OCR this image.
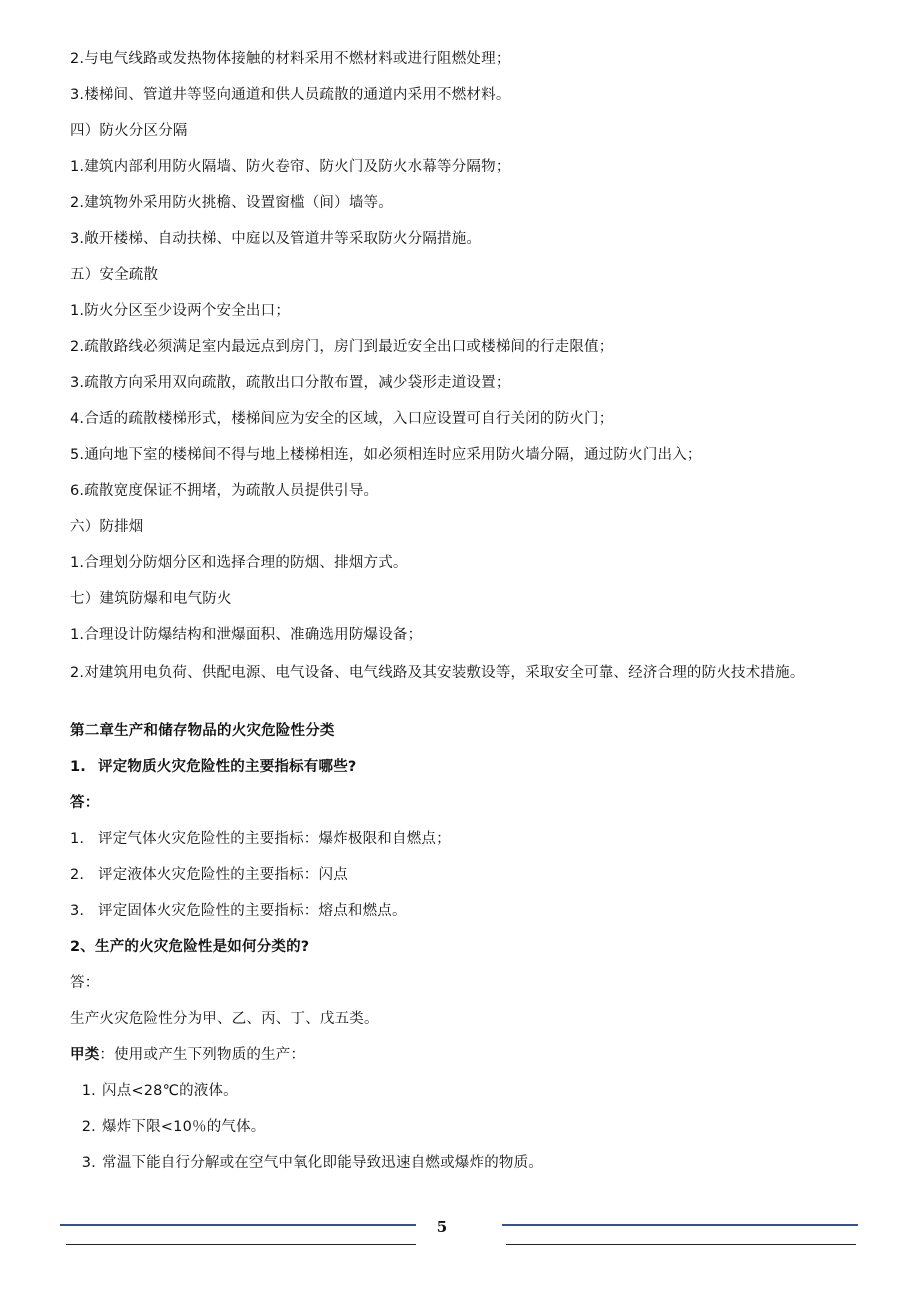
2.与电气线路或发热物体接触的材料采用不燃材料或进行阻燃处理；
3.楼梯间、管道井等竖向通道和供人员疏散的通道内采用不燃材料。
四）防火分区分隔
1.建筑内部利用防火隔墙、防火卷帘、防火门及防火水幕等分隔物；
2.建筑物外采用防火挑檐、设置窗槛（间）墙等。
3.敞开楼梯、自动扶梯、中庭以及管道井等采取防火分隔措施。
五）安全疏散
1.防火分区至少设两个安全出口；
2.疏散路线必须满足室内最远点到房门，房门到最近安全出口或楼梯间的行走限值；
3.疏散方向采用双向疏散，疏散出口分散布置，减少袋形走道设置；
4.合适的疏散楼梯形式，楼梯间应为安全的区域，入口应设置可自行关闭的防火门；
5.通向地下室的楼梯间不得与地上楼梯相连，如必须相连时应采用防火墙分隔，通过防火门出入；
6.疏散宽度保证不拥堵，为疏散人员提供引导。
六）防排烟
1.合理划分防烟分区和选择合理的防烟、排烟方式。
七）建筑防爆和电气防火
1.合理设计防爆结构和泄爆面积、准确选用防爆设备；
2.对建筑用电负荷、供配电源、电气设备、电气线路及其安装敷设等，采取安全可靠、经济合理的防火技术措施。
第二章生产和储存物品的火灾危险性分类
1. 评定物质火灾危险性的主要指标有哪些?
答：
1. 评定气体火灾危险性的主要指标：爆炸极限和自燃点；
2. 评定液体火灾危险性的主要指标：闪点
3. 评定固体火灾危险性的主要指标：熔点和燃点。
2、生产的火灾危险性是如何分类的?
答：
生产火灾危险性分为甲、乙、丙、丁、戊五类。
甲类：使用或产生下列物质的生产：
1. 闪点<28℃的液体。
2. 爆炸下限<10％的气体。
3. 常温下能自行分解或在空气中氧化即能导致迅速自燃或爆炸的物质。
5
